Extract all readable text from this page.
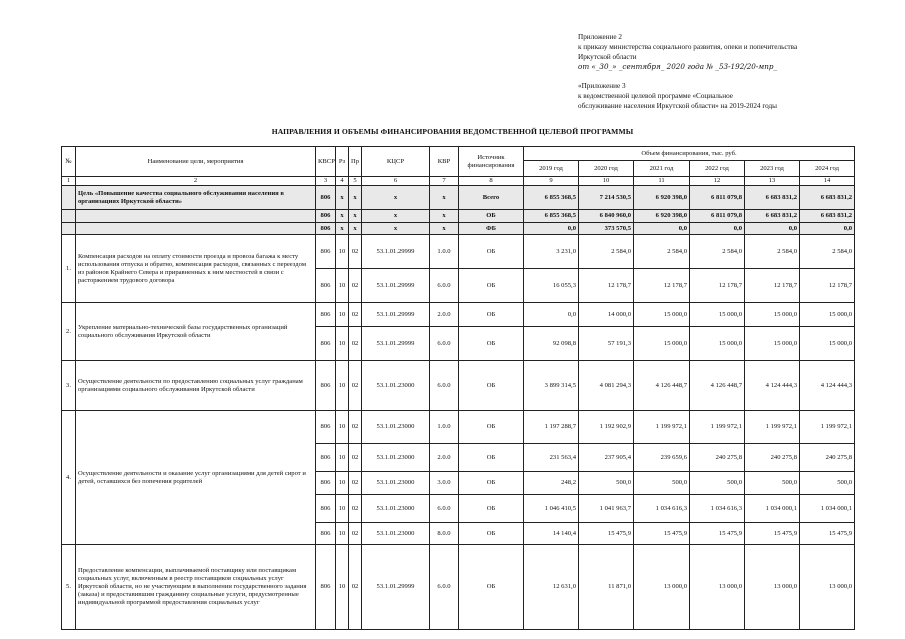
Приложение 2
к приказу министерства социального развития, опеки и попечительства
Иркутской области
от «_30_» _сентября_ 2020 года № _53-192/20-мпр_
«Приложение 3
к ведомственной целевой программе «Социальное
обслуживание населения Иркутской области» на 2019-2024 годы
НАПРАВЛЕНИЯ И ОБЪЕМЫ ФИНАНСИРОВАНИЯ ВЕДОМСТВЕННОЙ ЦЕЛЕВОЙ ПРОГРАММЫ
№	Наименование цели, мероприятия	КВСР	Рз	Пр	КЦСР	КВР	Источник финансирования	Объем финансирования, тыс. руб.					
								2019 год	2020 год	2021 год	2022 год	2023 год	2024 год
1	2	3	4	5	6	7	8	9	10	11	12	13	14
	Цель «Повышение качества социального обслуживания населения в организациях Иркутской области»	806	х	х	х	х	Всего	6 855 368,5	7 214 530,5	6 920 398,0	6 811 079,8	6 683 831,2	6 683 831,2
		806	х	х	х	х	ОБ	6 855 368,5	6 840 960,0	6 920 398,0	6 811 079,8	6 683 831,2	6 683 831,2
		806	х	х	х	х	ФБ	0,0	373 570,5	0,0	0,0	0,0	0,0
1.	Компенсация расходов на оплату стоимости проезда и провоза багажа к месту использования отпуска и обратно, компенсация расходов, связанных с переездом из районов Крайнего Севера и приравненных к ним местностей в связи с расторжением трудового договора	806	10	02	53.1.01.29999	1.0.0	ОБ	3 231,0	2 584,0	2 584,0	2 584,0	2 584,0	2 584,0
		806	10	02	53.1.01.29999	6.0.0	ОБ	16 055,3	12 178,7	12 178,7	12 178,7	12 178,7	12 178,7
2.	Укрепление материально-технической базы государственных организаций социального обслуживания Иркутской области	806	10	02	53.1.01.29999	2.0.0	ОБ	0,0	14 000,0	15 000,0	15 000,0	15 000,0	15 000,0
		806	10	02	53.1.01.29999	6.0.0	ОБ	92 098,8	57 191,3	15 000,0	15 000,0	15 000,0	15 000,0
3.	Осуществление деятельности по предоставлению социальных услуг гражданам организациями социального обслуживания Иркутской области	806	10	02	53.1.01.23000	6.0.0	ОБ	3 899 314,5	4 081 294,3	4 126 448,7	4 126 448,7	4 124 444,3	4 124 444,3
4.	Осуществление деятельности и оказание услуг организациями для детей сирот и детей, оставшихся без попечения родителей	806	10	02	53.1.01.23000	1.0.0	ОБ	1 197 288,7	1 192 902,9	1 199 972,1	1 199 972,1	1 199 972,1	1 199 972,1
		806	10	02	53.1.01.23000	2.0.0	ОБ	231 563,4	237 905,4	239 659,6	240 275,8	240 275,8	240 275,8
		806	10	02	53.1.01.23000	3.0.0	ОБ	248,2	500,0	500,0	500,0	500,0	500,0
		806	10	02	53.1.01.23000	6.0.0	ОБ	1 046 410,5	1 041 963,7	1 034 616,3	1 034 616,3	1 034 000,1	1 034 000,1
		806	10	02	53.1.01.23000	8.0.0	ОБ	14 140,4	15 475,9	15 475,9	15 475,9	15 475,9	15 475,9
5.	Предоставление компенсации, выплачиваемой поставщику или поставщикам социальных услуг, включенным в реестр поставщиков социальных услуг Иркутской области, но не участвующим в выполнении государственного задания (заказа) и предоставившим гражданину социальные услуги, предусмотренные индивидуальной программой предоставления социальных услуг	806	10	02	53.1.01.29999	6.0.0	ОБ	12 631,0	11 871,0	13 000,0	13 000,0	13 000,0	13 000,0
